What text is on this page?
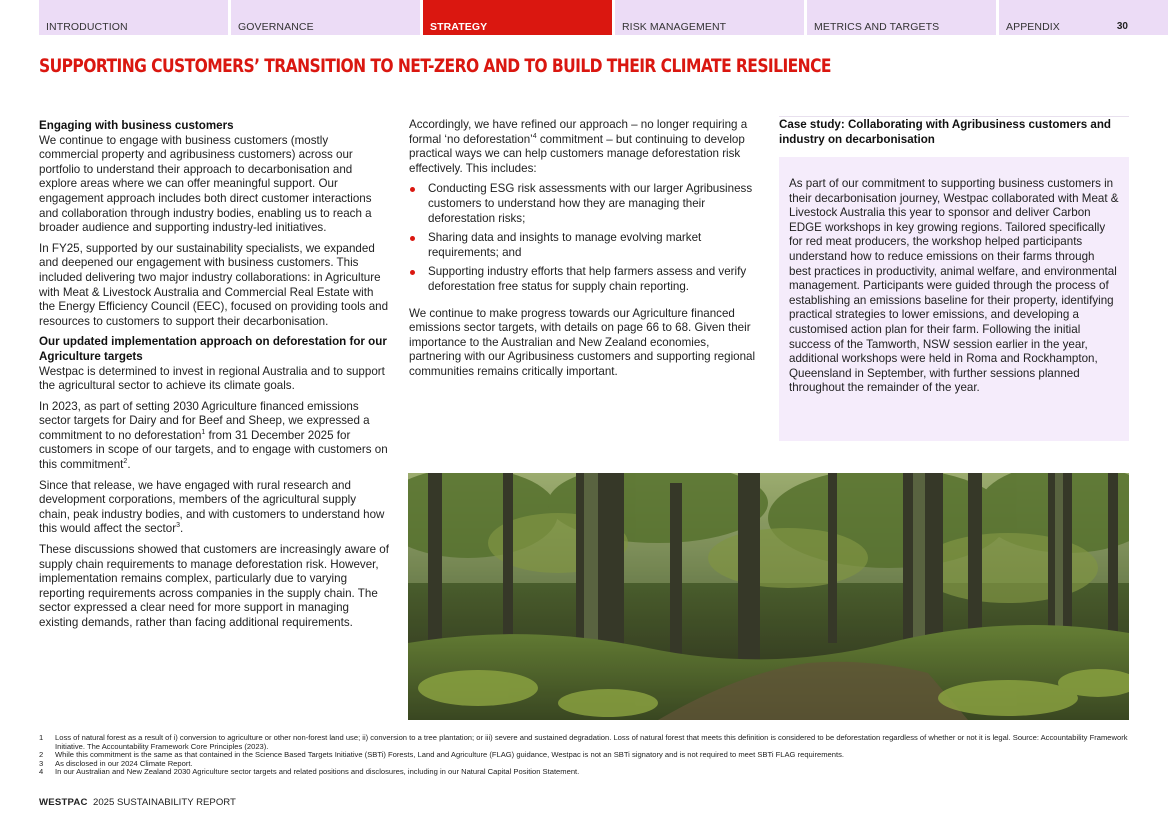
INTRODUCTION	GOVERNANCE	STRATEGY	RISK MANAGEMENT	METRICS AND TARGETS	APPENDIX	30
SUPPORTING CUSTOMERS’ TRANSITION TO NET-ZERO AND TO BUILD THEIR CLIMATE RESILIENCE
Engaging with business customers

We continue to engage with business customers (mostly commercial property and agribusiness customers) across our portfolio to understand their approach to decarbonisation and explore areas where we can offer meaningful support. Our engagement approach includes both direct customer interactions and collaboration through industry bodies, enabling us to reach a broader audience and supporting industry-led initiatives.

In FY25, supported by our sustainability specialists, we expanded and deepened our engagement with business customers. This included delivering two major industry collaborations: in Agriculture with Meat & Livestock Australia and Commercial Real Estate with the Energy Efficiency Council (EEC), focused on providing tools and resources to customers to support their decarbonisation.

Our updated implementation approach on deforestation for our Agriculture targets

Westpac is determined to invest in regional Australia and to support the agricultural sector to achieve its climate goals.

In 2023, as part of setting 2030 Agriculture financed emissions sector targets for Dairy and for Beef and Sheep, we expressed a commitment to no deforestation$^1$ from 31 December 2025 for customers in scope of our targets, and to engage with customers on this commitment$^2$.

Since that release, we have engaged with rural research and development corporations, members of the agricultural supply chain, peak industry bodies, and with customers to understand how this would affect the sector$^3$.

These discussions showed that customers are increasingly aware of supply chain requirements to manage deforestation risk. However, implementation remains complex, particularly due to varying reporting requirements across companies in the supply chain. The sector expressed a clear need for more support in managing existing demands, rather than facing additional requirements.

Accordingly, we have refined our approach – no longer requiring a formal ‘no deforestation’$^4$ commitment – but continuing to develop practical ways we can help customers manage deforestation risk effectively. This includes:

Conducting ESG risk assessments with our larger Agribusiness customers to understand how they are managing their deforestation risks;
Sharing data and insights to manage evolving market requirements; and
Supporting industry efforts that help farmers assess and verify deforestation free status for supply chain reporting.

We continue to make progress towards our Agriculture financed emissions sector targets, with details on page 66 to 68. Given their importance to the Australian and New Zealand economies, partnering with our Agribusiness customers and supporting regional communities remains critically important.

Case study: Collaborating with Agribusiness customers and industry on decarbonisation

As part of our commitment to supporting business customers in their decarbonisation journey, Westpac collaborated with Meat & Livestock Australia this year to sponsor and deliver Carbon EDGE workshops in key growing regions. Tailored specifically for red meat producers, the workshop helped participants understand how to reduce emissions on their farms through best practices in productivity, animal welfare, and environmental management. Participants were guided through the process of establishing an emissions baseline for their property, identifying practical strategies to lower emissions, and developing a customised action plan for their farm. Following the initial success of the Tamworth, NSW session earlier in the year, additional workshops were held in Roma and Rockhampton, Queensland in September, with further sessions planned throughout the remainder of the year.

1 Loss of natural forest as a result of i) conversion to agriculture or other non-forest land use; ii) conversion to a tree plantation; or iii) severe and sustained degradation. Loss of natural forest that meets this definition is considered to be deforestation regardless of whether or not it is legal. Source: Accountability Framework Initiative. The Accountability Framework Core Principles (2023).
2 While this commitment is the same as that contained in the Science Based Targets Initiative (SBTi) Forests, Land and Agriculture (FLAG) guidance, Westpac is not an SBTi signatory and is not required to meet SBTi FLAG requirements.
3 As disclosed in our 2024 Climate Report.
4 In our Australian and New Zealand 2030 Agriculture sector targets and related positions and disclosures, including in our Natural Capital Position Statement.
WESTPAC 2025 SUSTAINABILITY REPORT
